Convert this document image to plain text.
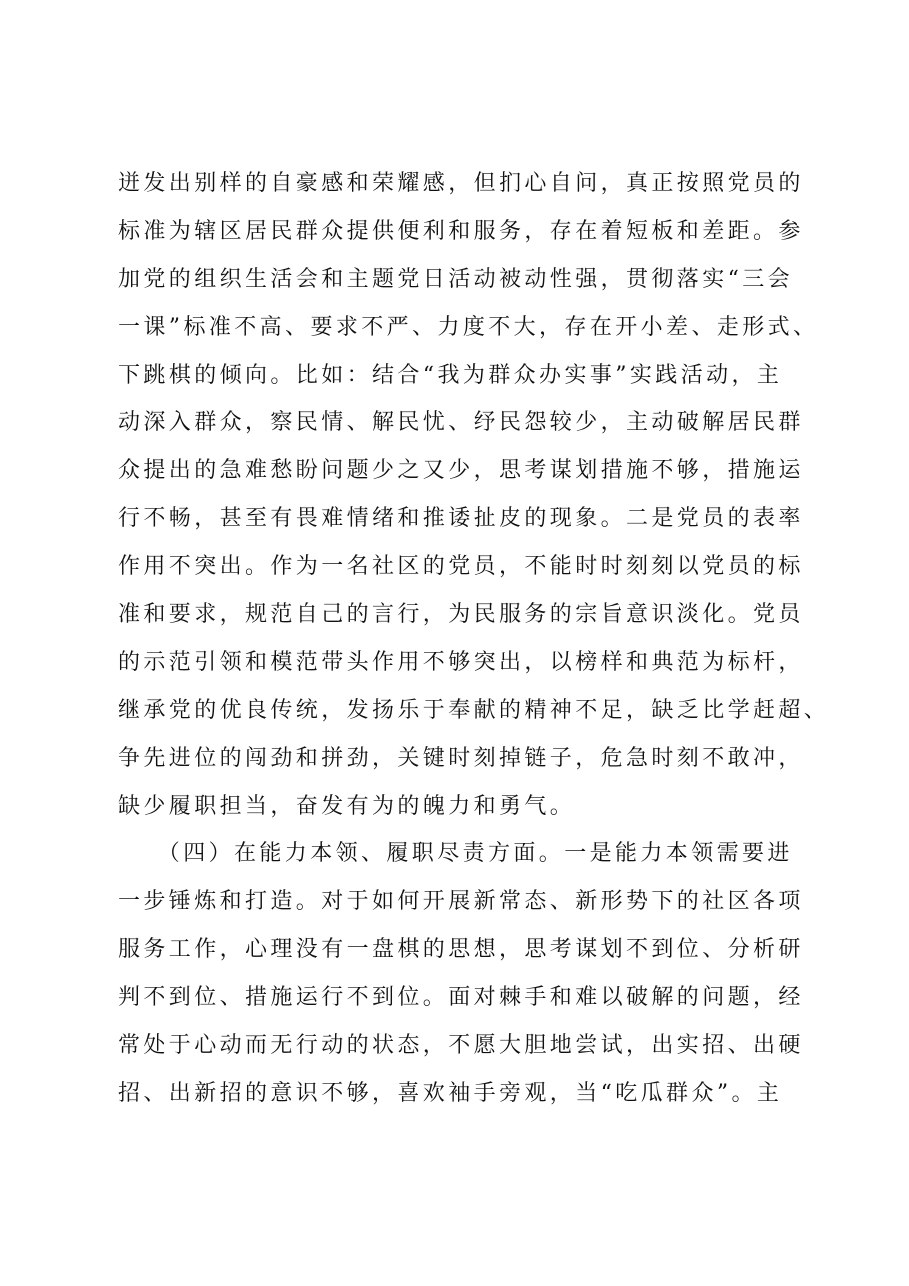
迸发出别样的自豪感和荣耀感，但扪心自问，真正按照党员的
标准为辖区居民群众提供便利和服务，存在着短板和差距。参
加党的组织生活会和主题党日活动被动性强，贯彻落实“三会
一课”标准不高、要求不严、力度不大，存在开小差、走形式、
下跳棋的倾向。比如：结合“我为群众办实事”实践活动，主
动深入群众，察民情、解民忧、纾民怨较少，主动破解居民群
众提出的急难愁盼问题少之又少，思考谋划措施不够，措施运
行不畅，甚至有畏难情绪和推诿扯皮的现象。二是党员的表率
作用不突出。作为一名社区的党员，不能时时刻刻以党员的标
准和要求，规范自己的言行，为民服务的宗旨意识淡化。党员
的示范引领和模范带头作用不够突出，以榜样和典范为标杆，
继承党的优良传统，发扬乐于奉献的精神不足，缺乏比学赶超、
争先进位的闯劲和拼劲，关键时刻掉链子，危急时刻不敢冲，
缺少履职担当，奋发有为的魄力和勇气。
　　（四）在能力本领、履职尽责方面。一是能力本领需要进
一步锤炼和打造。对于如何开展新常态、新形势下的社区各项
服务工作，心理没有一盘棋的思想，思考谋划不到位、分析研
判不到位、措施运行不到位。面对棘手和难以破解的问题，经
常处于心动而无行动的状态，不愿大胆地尝试，出实招、出硬
招、出新招的意识不够，喜欢袖手旁观，当“吃瓜群众”。主
